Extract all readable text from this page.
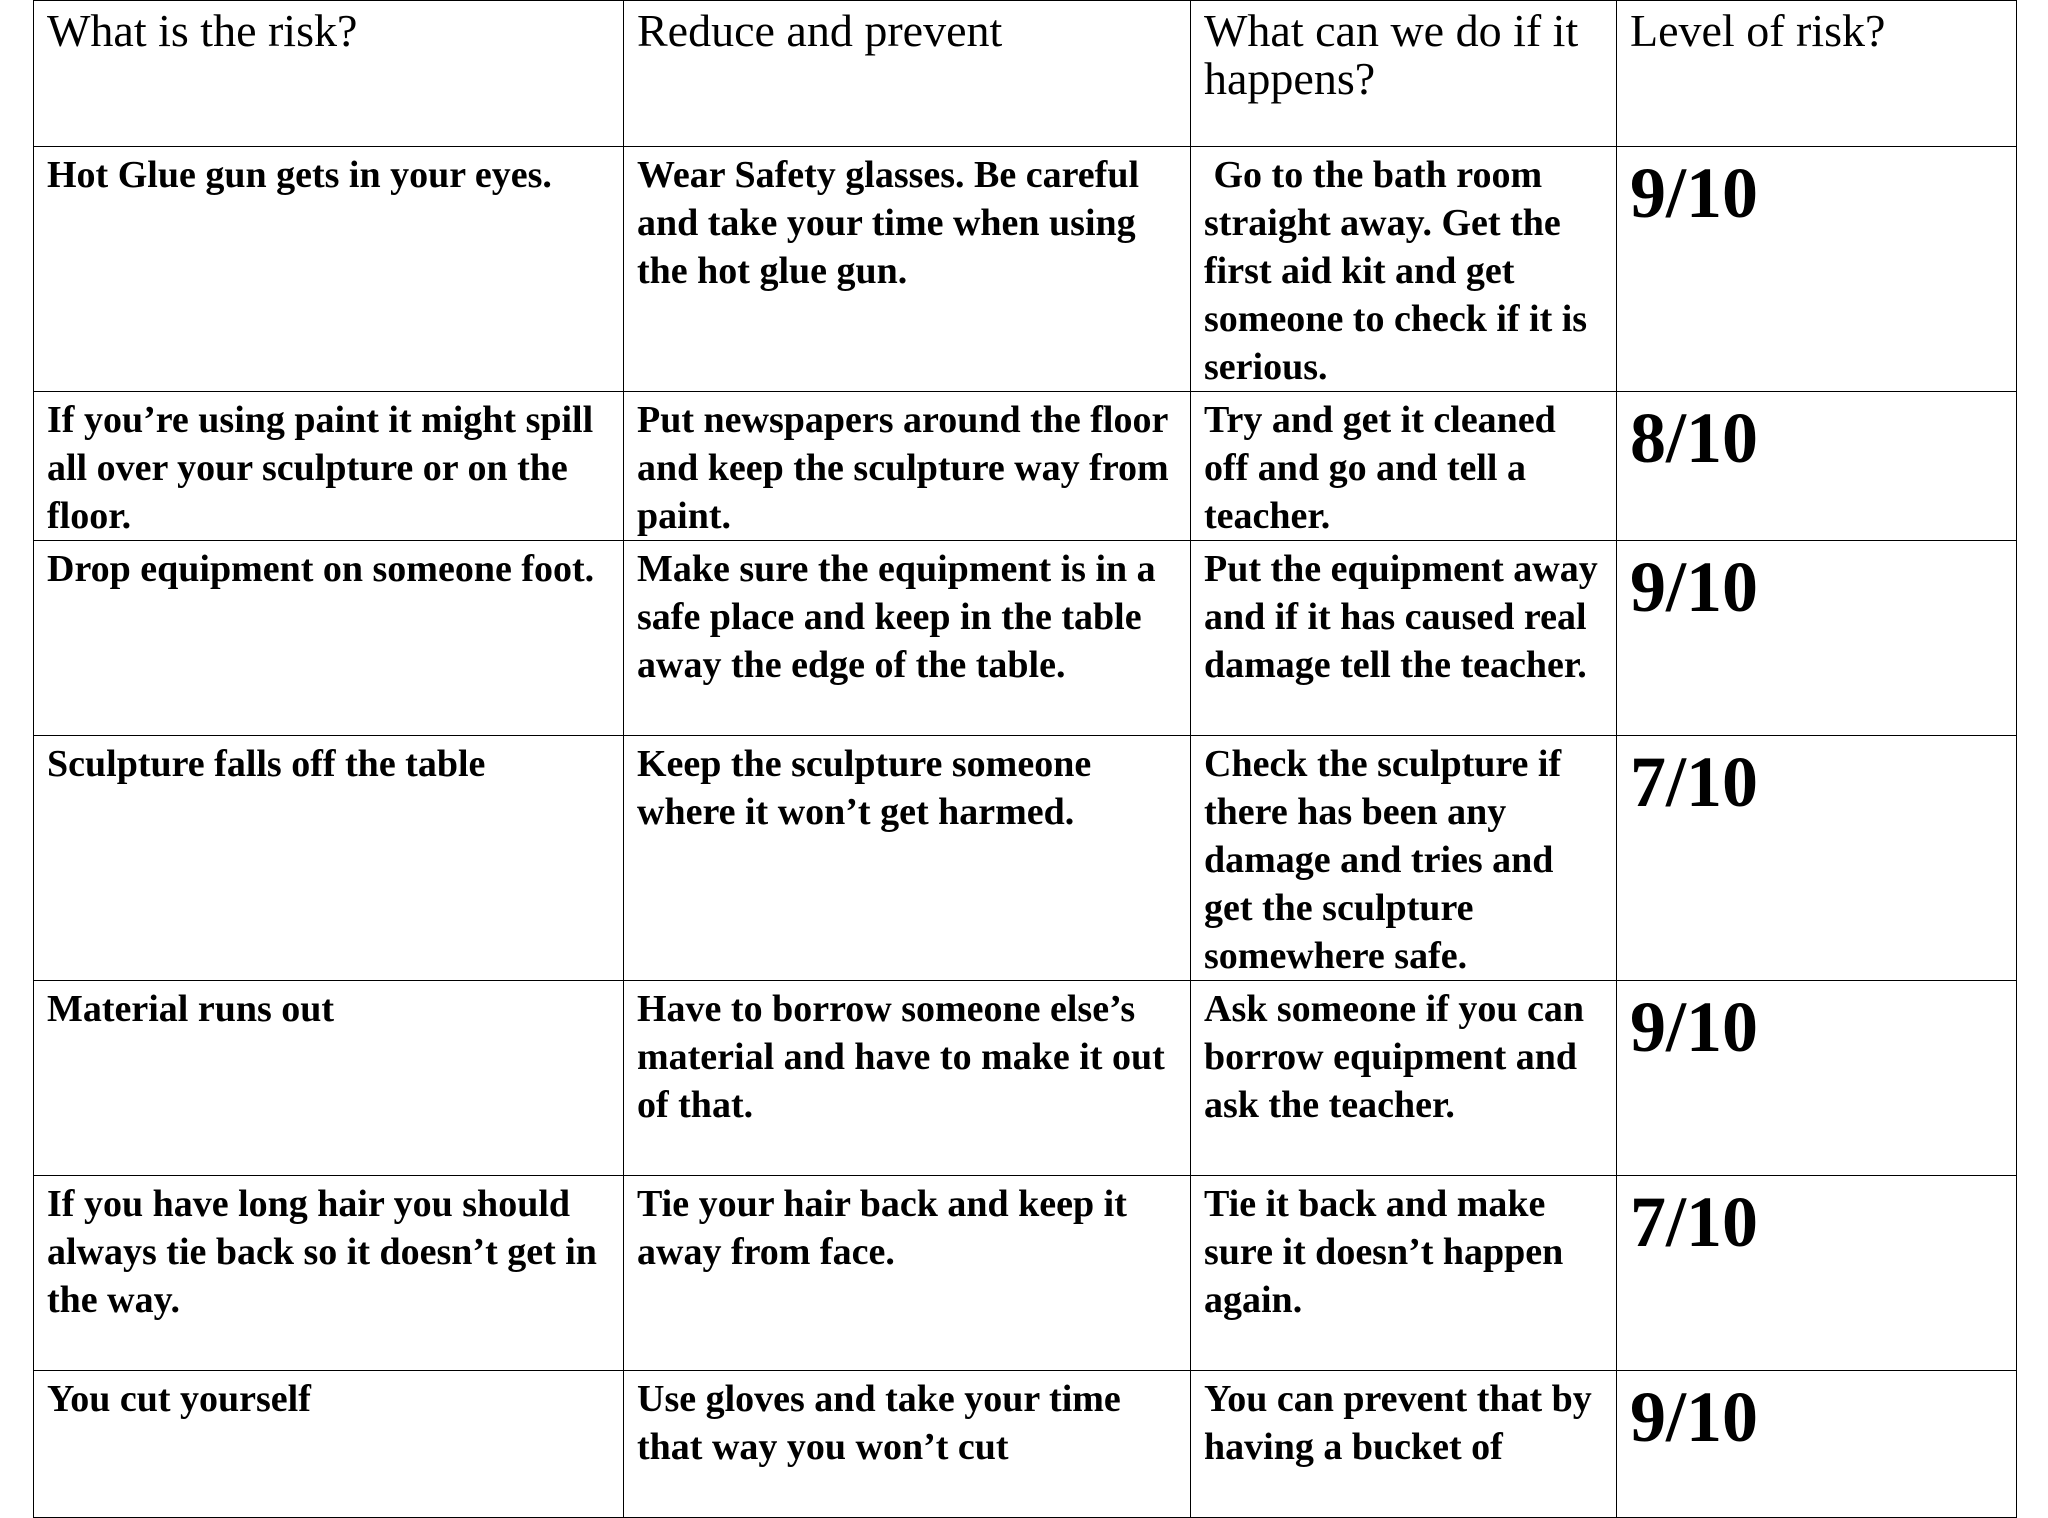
What is the risk?	Reduce and prevent	What can we do if it happens?	Level of risk?
Hot Glue gun gets in your eyes.	Wear Safety glasses. Be careful and take your time when using the hot glue gun.	Go to the bath room straight away. Get the first aid kit and get someone to check if it is serious.	9/10
If you’re using paint it might spill all over your sculpture or on the floor.	Put newspapers around the floor and keep the sculpture way from paint.	Try and get it cleaned off and go and tell a teacher.	8/10
Drop equipment on someone foot.	Make sure the equipment is in a safe place and keep in the table away the edge of the table.	Put the equipment away and if it has caused real damage tell the teacher.	9/10
Sculpture falls off the table	Keep the sculpture someone where it won’t get harmed.	Check the sculpture if there has been any damage and tries and get the sculpture somewhere safe.	7/10
Material runs out	Have to borrow someone else’s material and have to make it out of that.	Ask someone if you can borrow equipment and ask the teacher.	9/10
If you have long hair you should always tie back so it doesn’t get in the way.	Tie your hair back and keep it away from face.	Tie it back and make sure it doesn’t happen again.	7/10
You cut yourself	Use gloves and take your time that way you won’t cut	You can prevent that by having a bucket of	9/10
